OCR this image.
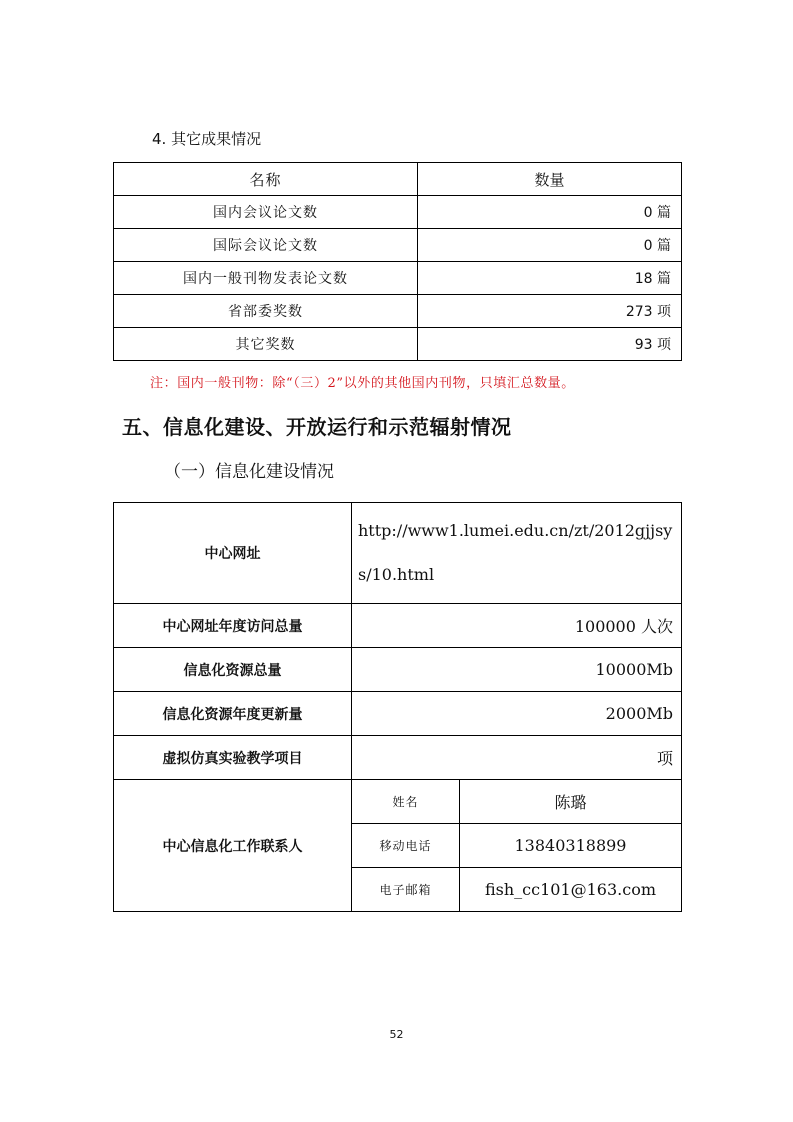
4. 其它成果情况
名称	数量
国内会议论文数	0 篇
国际会议论文数	0 篇
国内一般刊物发表论文数	18 篇
省部委奖数	273 项
其它奖数	93 项
注：国内一般刊物：除“（三）2”以外的其他国内刊物，只填汇总数量。
五、信息化建设、开放运行和示范辐射情况
（一）信息化建设情况
中心网址	http://www1.lumei.edu.cn/zt/2012gjjsys/10.html	
中心网址年度访问总量	100000 人次	
信息化资源总量	10000Mb	
信息化资源年度更新量	2000Mb	
虚拟仿真实验教学项目	项	
中心信息化工作联系人	姓名	陈璐
	移动电话	13840318899
	电子邮箱	fish_cc101@163.com
52
